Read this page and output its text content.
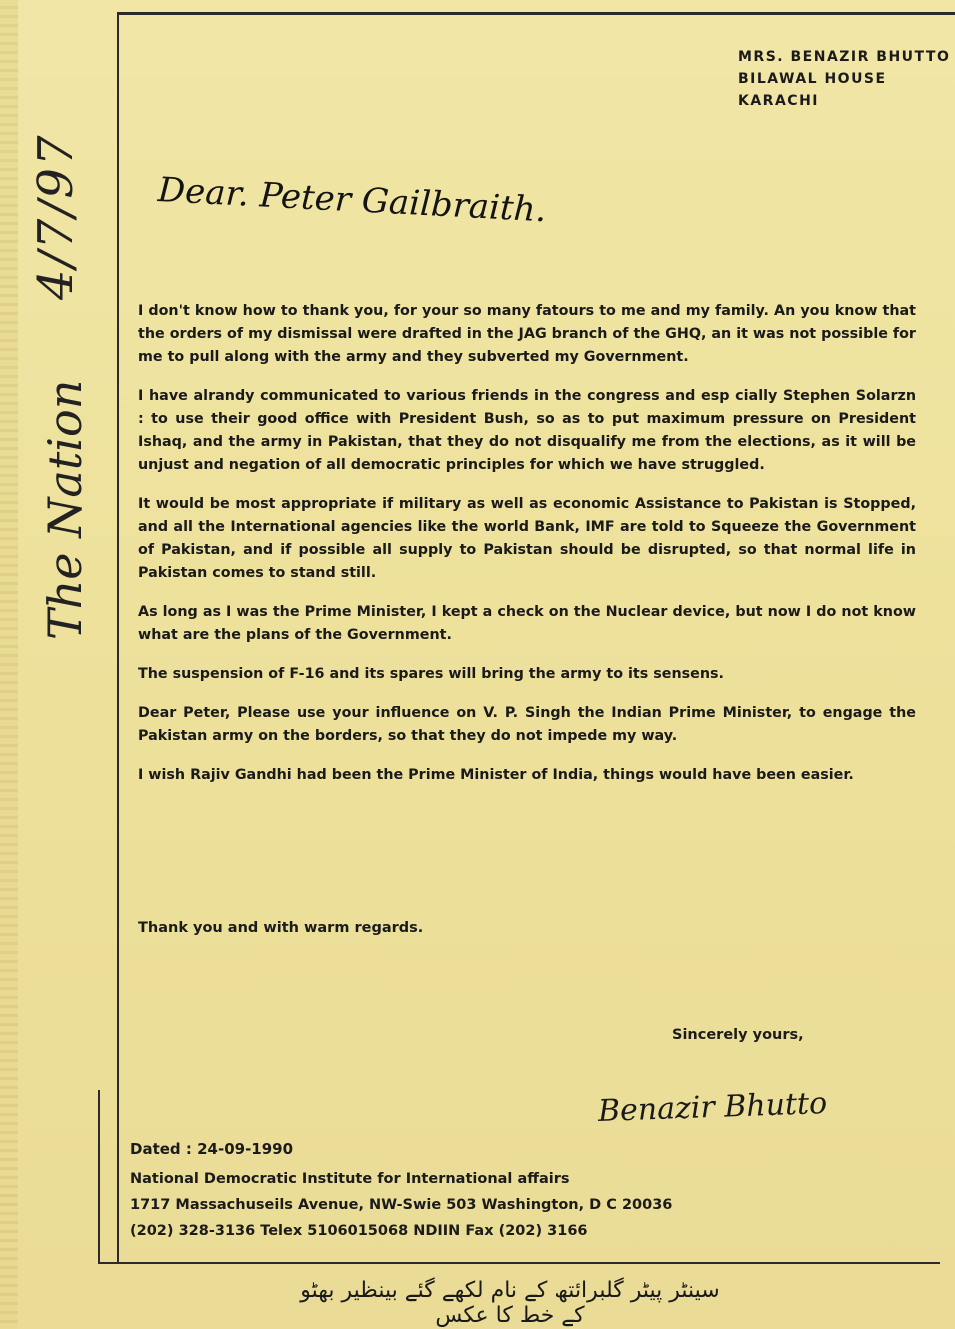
4/7/97
The Nation
MRS. BENAZIR BHUTTO
BILAWAL HOUSE
KARACHI
Dear. Peter Gailbraith.

I don't know how to thank you, for your so many fatours to me and my family. An you know that the orders of my dismissal were drafted in the JAG branch of the GHQ, an it was not possible for me to pull along with the army and they subverted my Government.

I have alrandy communicated to various friends in the congress and esp cially Stephen Solarzn : to use their good office with President Bush, so as to put maximum pressure on President Ishaq, and the army in Pakistan, that they do not disqualify me from the elections, as it will be unjust and negation of all democratic principles for which we have struggled.

It would be most appropriate if military as well as economic Assistance to Pakistan is Stopped, and all the International agencies like the world Bank, IMF are told to Squeeze the Government of Pakistan, and if possible all supply to Pakistan should be disrupted, so that normal life in Pakistan comes to stand still.

As long as I was the Prime Minister, I kept a check on the Nuclear device, but now I do not know what are the plans of the Government.

The suspension of F-16 and its spares will bring the army to its sensens.

Dear Peter, Please use your influence on V. P. Singh the Indian Prime Minister, to engage the Pakistan army on the borders, so that they do not impede my way.

I wish Rajiv Gandhi had been the Prime Minister of India, things would have been easier.

Thank you and with warm regards.
Sincerely yours,
Benazir Bhutto
Dated : 24-09-1990
National Democratic Institute for International affairs
1717 Massachuseils Avenue, NW-Swie 503 Washington, D C 20036
(202) 328-3136 Telex 5106015068 NDIIN Fax (202) 3166
سینٹر پیٹر گلبرائتھ کے نام لکھے گئے بینظیر بھٹو کے خط کا عکس
